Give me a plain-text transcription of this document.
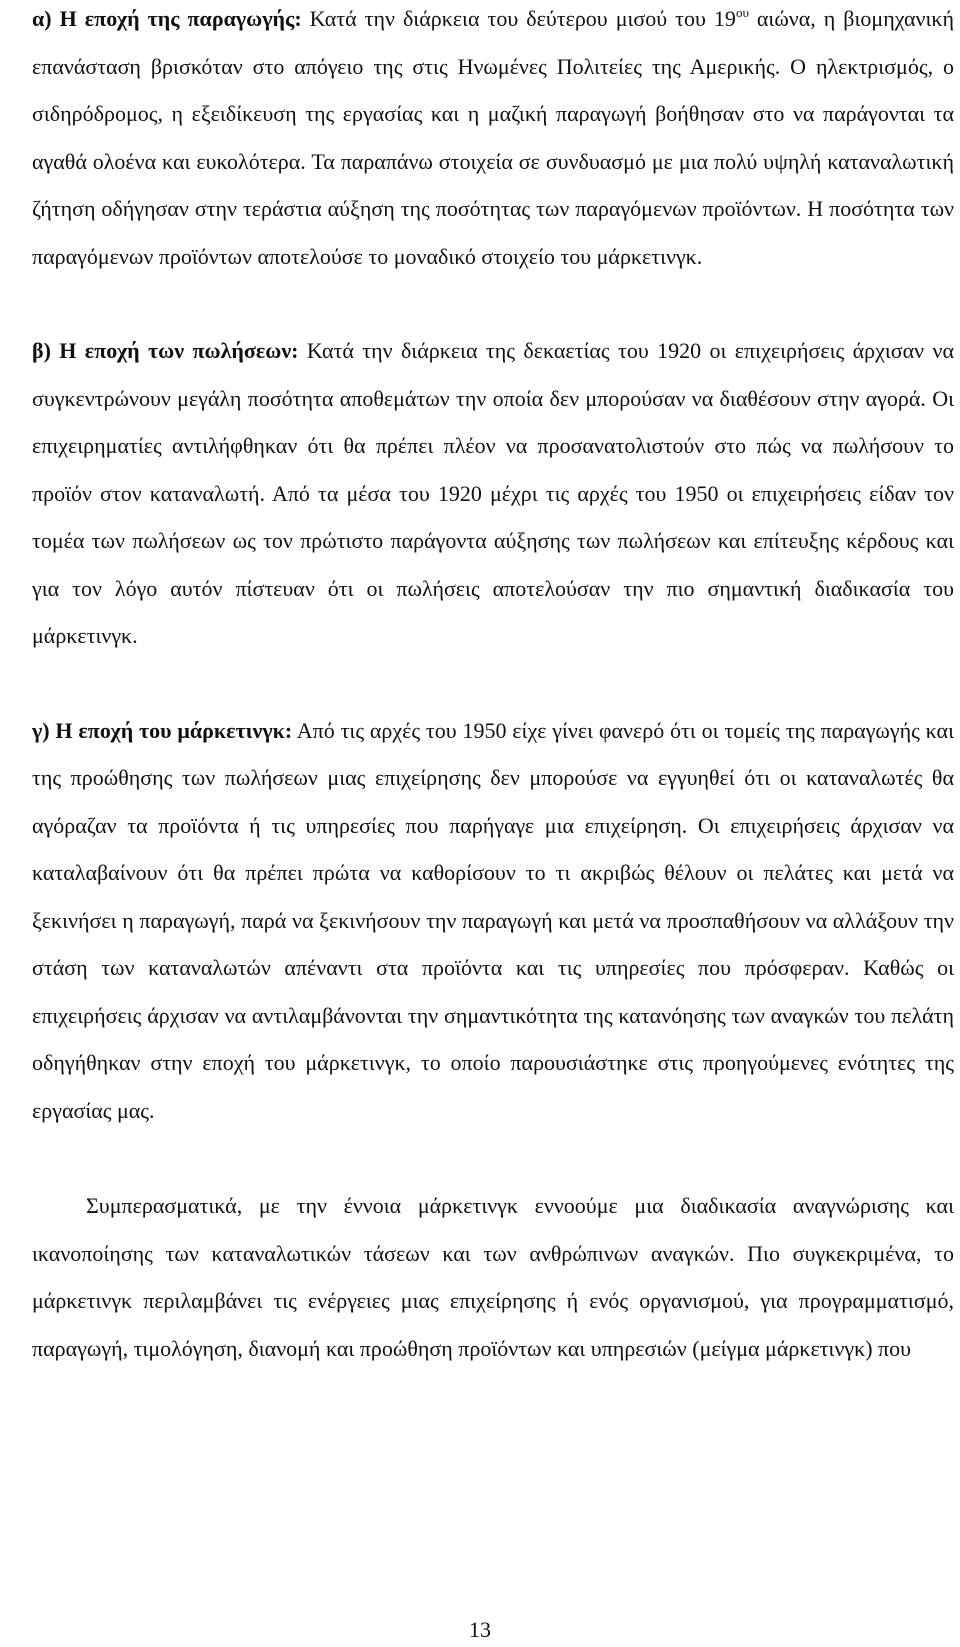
α) Η εποχή της παραγωγής: Κατά την διάρκεια του δεύτερου μισού του $19^{o\upsilon}$ αιώνα, η βιομηχανική επανάσταση βρισκόταν στο απόγειο της στις Ηνωμένες Πολιτείες της Αμερικής. Ο ηλεκτρισμός, ο σιδηρόδρομος, η εξειδίκευση της εργασίας και η μαζική παραγωγή βοήθησαν στο να παράγονται τα αγαθά ολοένα και ευκολότερα. Τα παραπάνω στοιχεία σε συνδυασμό με μια πολύ υψηλή καταναλωτική ζήτηση οδήγησαν στην τεράστια αύξηση της ποσότητας των παραγόμενων προϊόντων. Η ποσότητα των παραγόμενων προϊόντων αποτελούσε το μοναδικό στοιχείο του μάρκετινγκ.

β) Η εποχή των πωλήσεων: Κατά την διάρκεια της δεκαετίας του 1920 οι επιχειρήσεις άρχισαν να συγκεντρώνουν μεγάλη ποσότητα αποθεμάτων την οποία δεν μπορούσαν να διαθέσουν στην αγορά. Οι επιχειρηματίες αντιλήφθηκαν ότι θα πρέπει πλέον να προσανατολιστούν στο πώς να πωλήσουν το προϊόν στον καταναλωτή. Από τα μέσα του 1920 μέχρι τις αρχές του 1950 οι επιχειρήσεις είδαν τον τομέα των πωλήσεων ως τον πρώτιστο παράγοντα αύξησης των πωλήσεων και επίτευξης κέρδους και για τον λόγο αυτόν πίστευαν ότι οι πωλήσεις αποτελούσαν την πιο σημαντική διαδικασία του μάρκετινγκ.

γ) Η εποχή του μάρκετινγκ: Από τις αρχές του 1950 είχε γίνει φανερό ότι οι τομείς της παραγωγής και της προώθησης των πωλήσεων μιας επιχείρησης δεν μπορούσε να εγγυηθεί ότι οι καταναλωτές θα αγόραζαν τα προϊόντα ή τις υπηρεσίες που παρήγαγε μια επιχείρηση. Οι επιχειρήσεις άρχισαν να καταλαβαίνουν ότι θα πρέπει πρώτα να καθορίσουν το τι ακριβώς θέλουν οι πελάτες και μετά να ξεκινήσει η παραγωγή, παρά να ξεκινήσουν την παραγωγή και μετά να προσπαθήσουν να αλλάξουν την στάση των καταναλωτών απέναντι στα προϊόντα και τις υπηρεσίες που πρόσφεραν. Καθώς οι επιχειρήσεις άρχισαν να αντιλαμβάνονται την σημαντικότητα της κατανόησης των αναγκών του πελάτη οδηγήθηκαν στην εποχή του μάρκετινγκ, το οποίο παρουσιάστηκε στις προηγούμενες ενότητες της εργασίας μας.

Συμπερασματικά, με την έννοια μάρκετινγκ εννοούμε μια διαδικασία αναγνώρισης και ικανοποίησης των καταναλωτικών τάσεων και των ανθρώπινων αναγκών. Πιο συγκεκριμένα, το μάρκετινγκ περιλαμβάνει τις ενέργειες μιας επιχείρησης ή ενός οργανισμού, για προγραμματισμό, παραγωγή, τιμολόγηση, διανομή και προώθηση προϊόντων και υπηρεσιών (μείγμα μάρκετινγκ) που

13
